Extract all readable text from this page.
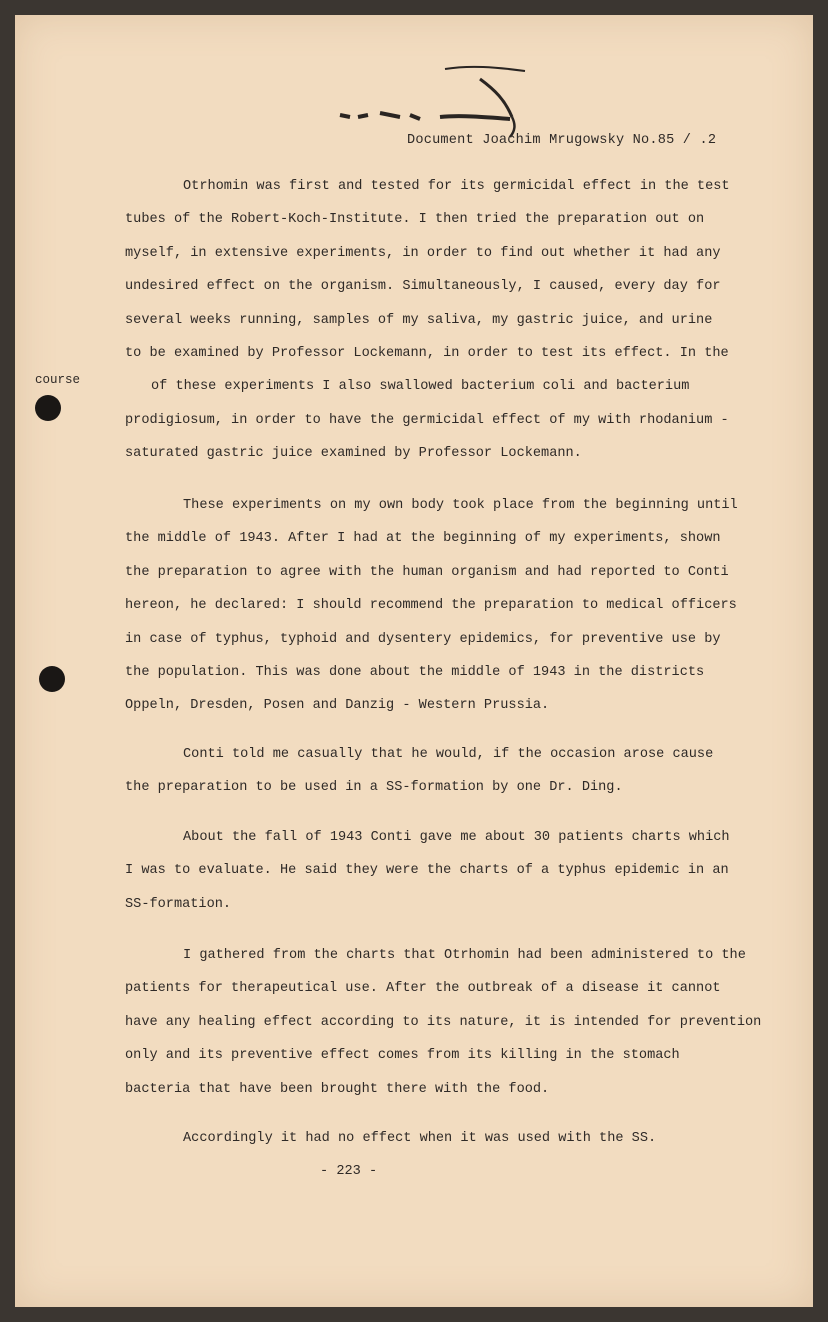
Document Joachim Mrugowsky No.85 / .2
course
Otrhomin was first and tested for its germicidal effect in the test
tubes of the Robert-Koch-Institute. I then tried the preparation out on
myself, in extensive experiments, in order to find out whether it had any
undesired effect on the organism. Simultaneously, I caused, every day for
several weeks running, samples of my saliva, my gastric juice, and urine
to be examined by Professor Lockemann, in order to test its effect. In the
of these experiments I also swallowed bacterium coli and bacterium
prodigiosum, in order to have the germicidal effect of my with rhodanium -
saturated gastric juice examined by Professor Lockemann.
These experiments on my own body took place from the beginning until
the middle of 1943. After I had at the beginning of my experiments, shown
the preparation to agree with the human organism and had reported to Conti
hereon, he declared: I should recommend the preparation to medical officers
in case of typhus, typhoid and dysentery epidemics, for preventive use by
the population. This was done about the middle of 1943 in the districts
Oppeln, Dresden, Posen and Danzig - Western Prussia.
Conti told me casually that he would, if the occasion arose cause
the preparation to be used in a SS-formation by one Dr. Ding.
About the fall of 1943 Conti gave me about 30 patients charts which
I was to evaluate. He said they were the charts of a typhus epidemic in an
SS-formation.
I gathered from the charts that Otrhomin had been administered to the
patients for therapeutical use. After the outbreak of a disease it cannot
have any healing effect according to its nature, it is intended for prevention
only and its preventive effect comes from its killing in the stomach
bacteria that have been brought there with the food.
Accordingly it had no effect when it was used with the SS.
- 223 -
